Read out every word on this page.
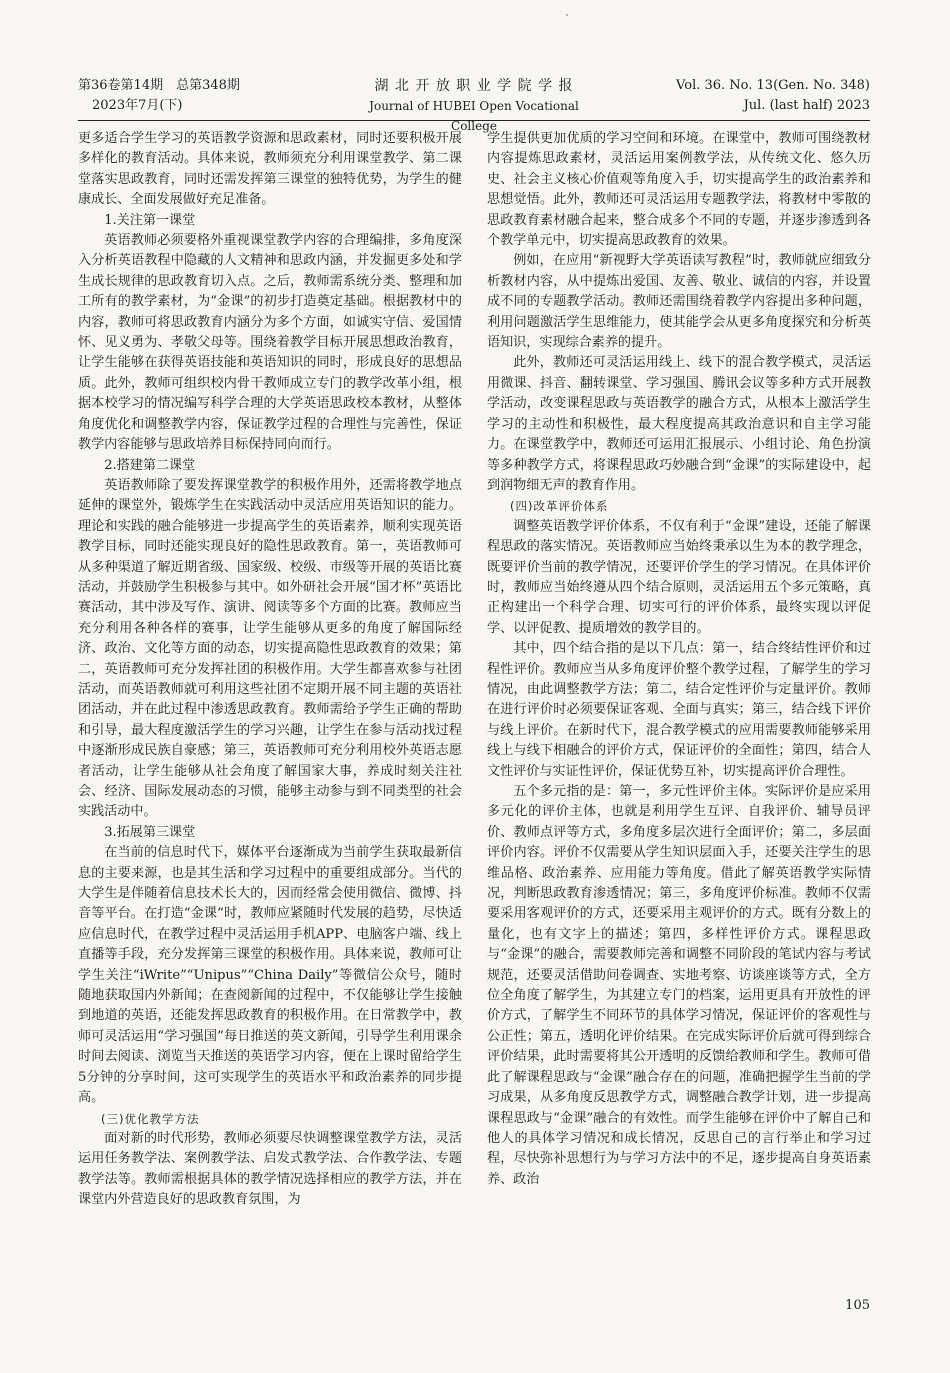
第36卷第14期　总第348期
2023年7月(下)
湖 北 开 放 职 业 学 院 学 报
Journal of HUBEI Open Vocational College
Vol. 36. No. 13(Gen. No. 348)
Jul. (last half) 2023

更多适合学生学习的英语教学资源和思政素材，同时还要积极开展多样化的教育活动。具体来说，教师须充分利用课堂教学、第二课堂落实思政教育，同时还需发挥第三课堂的独特优势，为学生的健康成长、全面发展做好充足准备。

1.关注第一课堂

英语教师必须要格外重视课堂教学内容的合理编排，多角度深入分析英语教程中隐藏的人文精神和思政内涵，并发掘更多处和学生成长规律的思政教育切入点。之后，教师需系统分类、整理和加工所有的教学素材，为“金课”的初步打造奠定基础。根据教材中的内容，教师可将思政教育内涵分为多个方面，如诚实守信、爱国情怀、见义勇为、孝敬父母等。围绕着教学目标开展思想政治教育，让学生能够在获得英语技能和英语知识的同时，形成良好的思想品质。此外，教师可组织校内骨干教师成立专门的教学改革小组，根据本校学习的情况编写科学合理的大学英语思政校本教材，从整体角度优化和调整教学内容，保证教学过程的合理性与完善性，保证教学内容能够与思政培养目标保持同向而行。

2.搭建第二课堂

英语教师除了要发挥课堂教学的积极作用外，还需将教学地点延伸的课堂外，锻炼学生在实践活动中灵活应用英语知识的能力。理论和实践的融合能够进一步提高学生的英语素养，顺利实现英语教学目标，同时还能实现良好的隐性思政教育。第一，英语教师可从多种渠道了解近期省级、国家级、校级、市级等开展的英语比赛活动，并鼓励学生积极参与其中。如外研社会开展“国才杯”英语比赛活动，其中涉及写作、演讲、阅读等多个方面的比赛。教师应当充分利用各种各样的赛事，让学生能够从更多的角度了解国际经济、政治、文化等方面的动态，切实提高隐性思政教育的效果；第二，英语教师可充分发挥社团的积极作用。大学生都喜欢参与社团活动，而英语教师就可利用这些社团不定期开展不同主题的英语社团活动，并在此过程中渗透思政教育。教师需给予学生正确的帮助和引导，最大程度激活学生的学习兴趣，让学生在参与活动找过程中逐渐形成民族自豪感；第三，英语教师可充分利用校外英语志愿者活动，让学生能够从社会角度了解国家大事，养成时刻关注社会、经济、国际发展动态的习惯，能够主动参与到不同类型的社会实践活动中。

3.拓展第三课堂

在当前的信息时代下，媒体平台逐渐成为当前学生获取最新信息的主要来源，也是其生活和学习过程中的重要组成部分。当代的大学生是伴随着信息技术长大的，因而经常会使用微信、微博、抖音等平台。在打造“金课”时，教师应紧随时代发展的趋势，尽快适应信息时代，在教学过程中灵活运用手机APP、电脑客户端、线上直播等手段，充分发挥第三课堂的积极作用。具体来说，教师可让学生关注“iWrite”“Unipus”“China Daily”等微信公众号，随时随地获取国内外新闻；在查阅新闻的过程中，不仅能够让学生接触到地道的英语，还能发挥思政教育的积极作用。在日常教学中，教师可灵活运用“学习强国”每日推送的英文新闻，引导学生利用课余时间去阅读、浏览当天推送的英语学习内容，便在上课时留给学生5分钟的分享时间，这可实现学生的英语水平和政治素养的同步提高。

(三)优化教学方法

面对新的时代形势，教师必须要尽快调整课堂教学方法，灵活运用任务教学法、案例教学法、启发式教学法、合作教学法、专题教学法等。教师需根据具体的教学情况选择相应的教学方法，并在课堂内外营造良好的思政教育氛围，为

学生提供更加优质的学习空间和环境。在课堂中，教师可围绕教材内容提炼思政素材，灵活运用案例教学法，从传统文化、悠久历史、社会主义核心价值观等角度入手，切实提高学生的政治素养和思想觉悟。此外，教师还可灵活运用专题教学法，将教材中零散的思政教育素材融合起来，整合成多个不同的专题，并逐步渗透到各个教学单元中，切实提高思政教育的效果。

例如，在应用“新视野大学英语读写教程”时，教师就应细致分析教材内容，从中提炼出爱国、友善、敬业、诚信的内容，并设置成不同的专题教学活动。教师还需围绕着教学内容提出多种问题，利用问题激活学生思维能力，使其能学会从更多角度探究和分析英语知识，实现综合素养的提升。

此外，教师还可灵活运用线上、线下的混合教学模式，灵活运用微课、抖音、翻转课堂、学习强国、腾讯会议等多种方式开展教学活动，改变课程思政与英语教学的融合方式，从根本上激活学生学习的主动性和积极性，最大程度提高其政治意识和自主学习能力。在课堂教学中，教师还可运用汇报展示、小组讨论、角色扮演等多种教学方式，将课程思政巧妙融合到“金课”的实际建设中，起到润物细无声的教育作用。

(四)改革评价体系

调整英语教学评价体系，不仅有利于“金课”建设，还能了解课程思政的落实情况。英语教师应当始终秉承以生为本的教学理念，既要评价当前的教学情况，还要评价学生的学习情况。在具体评价时，教师应当始终遵从四个结合原则，灵活运用五个多元策略，真正构建出一个科学合理、切实可行的评价体系，最终实现以评促学、以评促教、提质增效的教学目的。

其中，四个结合指的是以下几点：第一，结合终结性评价和过程性评价。教师应当从多角度评价整个教学过程，了解学生的学习情况，由此调整教学方法；第二，结合定性评价与定量评价。教师在进行评价时必须要保证客观、全面与真实；第三，结合线下评价与线上评价。在新时代下，混合教学模式的应用需要教师能够采用线上与线下相融合的评价方式，保证评价的全面性；第四，结合人文性评价与实证性评价，保证优势互补，切实提高评价合理性。

五个多元指的是：第一，多元性评价主体。实际评价是应采用多元化的评价主体，也就是利用学生互评、自我评价、辅导员评价、教师点评等方式，多角度多层次进行全面评价；第二，多层面评价内容。评价不仅需要从学生知识层面入手，还要关注学生的思维品格、政治素养、应用能力等角度。借此了解英语教学实际情况，判断思政教育渗透情况；第三，多角度评价标准。教师不仅需要采用客观评价的方式，还要采用主观评价的方式。既有分数上的量化，也有文字上的描述；第四，多样性评价方式。课程思政与“金课”的融合，需要教师完善和调整不同阶段的笔试内容与考试规范，还要灵活借助问卷调查、实地考察、访谈座谈等方式，全方位全角度了解学生，为其建立专门的档案，运用更具有开放性的评价方式，了解学生不同环节的具体学习情况，保证评价的客观性与公正性；第五，透明化评价结果。在完成实际评价后就可得到综合评价结果，此时需要将其公开透明的反馈给教师和学生。教师可借此了解课程思政与“金课”融合存在的问题，准确把握学生当前的学习成果，从多角度反思教学方式，调整融合教学计划，进一步提高课程思政与“金课”融合的有效性。而学生能够在评价中了解自己和他人的具体学习情况和成长情况，反思自己的言行举止和学习过程，尽快弥补思想行为与学习方法中的不足，逐步提高自身英语素养、政治

105
